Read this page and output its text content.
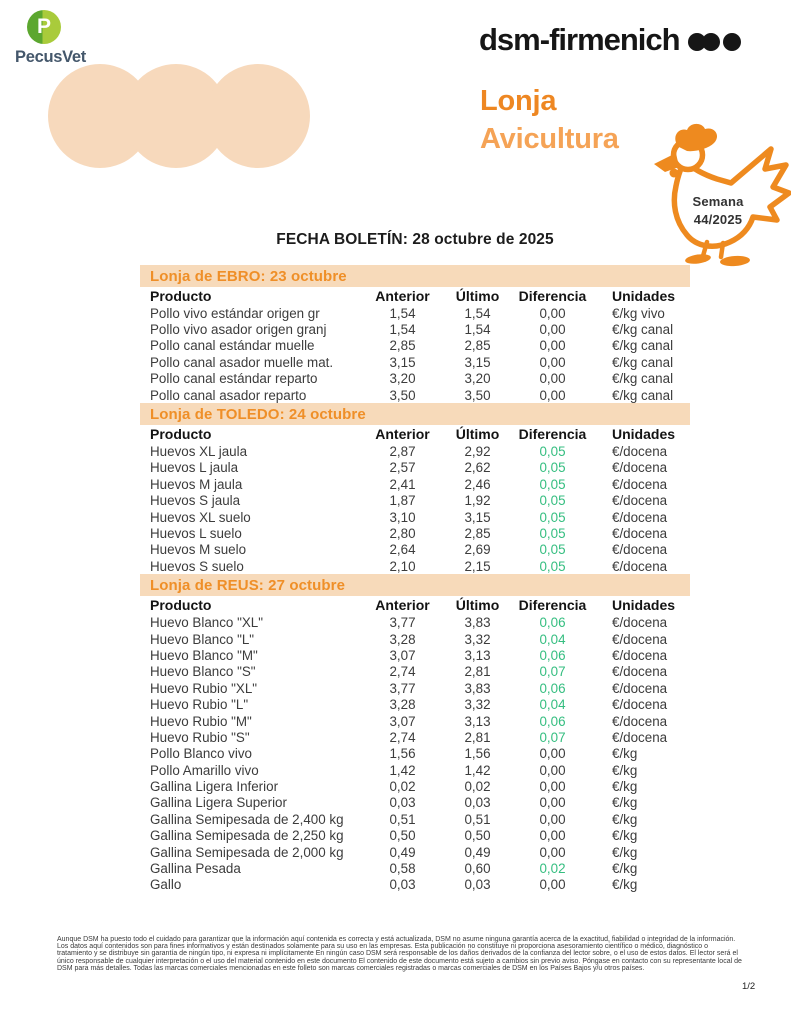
P
PecusVet	dsm-firmenich
Lonja
Avicultura
Semana
44/2025
FECHA BOLETÍN: 28 octubre de 2025
Lonja de EBRO: 23 octubre
Producto	Anterior	Último	Diferencia	Unidades
Pollo vivo estándar origen gr	1,54	1,54	0,00	€/kg vivo
Pollo vivo asador origen granj	1,54	1,54	0,00	€/kg canal
Pollo canal estándar muelle	2,85	2,85	0,00	€/kg canal
Pollo canal asador muelle mat.	3,15	3,15	0,00	€/kg canal
Pollo canal estándar reparto	3,20	3,20	0,00	€/kg canal
Pollo canal asador reparto	3,50	3,50	0,00	€/kg canal
Lonja de TOLEDO: 24 octubre
Producto	Anterior	Último	Diferencia	Unidades
Huevos XL jaula	2,87	2,92	0,05	€/docena
Huevos L jaula	2,57	2,62	0,05	€/docena
Huevos M jaula	2,41	2,46	0,05	€/docena
Huevos S jaula	1,87	1,92	0,05	€/docena
Huevos XL suelo	3,10	3,15	0,05	€/docena
Huevos L suelo	2,80	2,85	0,05	€/docena
Huevos M suelo	2,64	2,69	0,05	€/docena
Huevos S suelo	2,10	2,15	0,05	€/docena
Lonja de REUS: 27 octubre
Producto	Anterior	Último	Diferencia	Unidades
Huevo Blanco "XL"	3,77	3,83	0,06	€/docena
Huevo Blanco "L"	3,28	3,32	0,04	€/docena
Huevo Blanco "M"	3,07	3,13	0,06	€/docena
Huevo Blanco "S"	2,74	2,81	0,07	€/docena
Huevo Rubio "XL"	3,77	3,83	0,06	€/docena
Huevo Rubio "L"	3,28	3,32	0,04	€/docena
Huevo Rubio "M"	3,07	3,13	0,06	€/docena
Huevo Rubio "S"	2,74	2,81	0,07	€/docena
Pollo Blanco vivo	1,56	1,56	0,00	€/kg
Pollo Amarillo vivo	1,42	1,42	0,00	€/kg
Gallina Ligera Inferior	0,02	0,02	0,00	€/kg
Gallina Ligera Superior	0,03	0,03	0,00	€/kg
Gallina Semipesada de 2,400 kg	0,51	0,51	0,00	€/kg
Gallina Semipesada de 2,250 kg	0,50	0,50	0,00	€/kg
Gallina Semipesada de 2,000 kg	0,49	0,49	0,00	€/kg
Gallina Pesada	0,58	0,60	0,02	€/kg
Gallo	0,03	0,03	0,00	€/kg

Aunque DSM ha puesto todo el cuidado para garantizar que la información aquí contenida es correcta y está actualizada, DSM no asume ninguna garantía acerca de la exactitud, fiabilidad o integridad de la información. Los datos aquí contenidos son para fines informativos y están destinados solamente para su uso en las empresas. Esta publicación no constituye ni proporciona asesoramiento científico o médico, diagnóstico o tratamiento y se distribuye sin garantía de ningún tipo, ni expresa ni implícitamente En ningún caso DSM será responsable de los daños derivados de la confianza del lector sobre, o el uso de estos datos. El lector será el único responsable de cualquier interpretación o el uso del material contenido en este documento El contenido de este documento está sujeto a cambios sin previo aviso. Póngase en contacto con su representante local de DSM para más detalles. Todas las marcas comerciales mencionadas en este folleto son marcas comerciales registradas o marcas comerciales de DSM en los Países Bajos y/u otros países.

1/2
